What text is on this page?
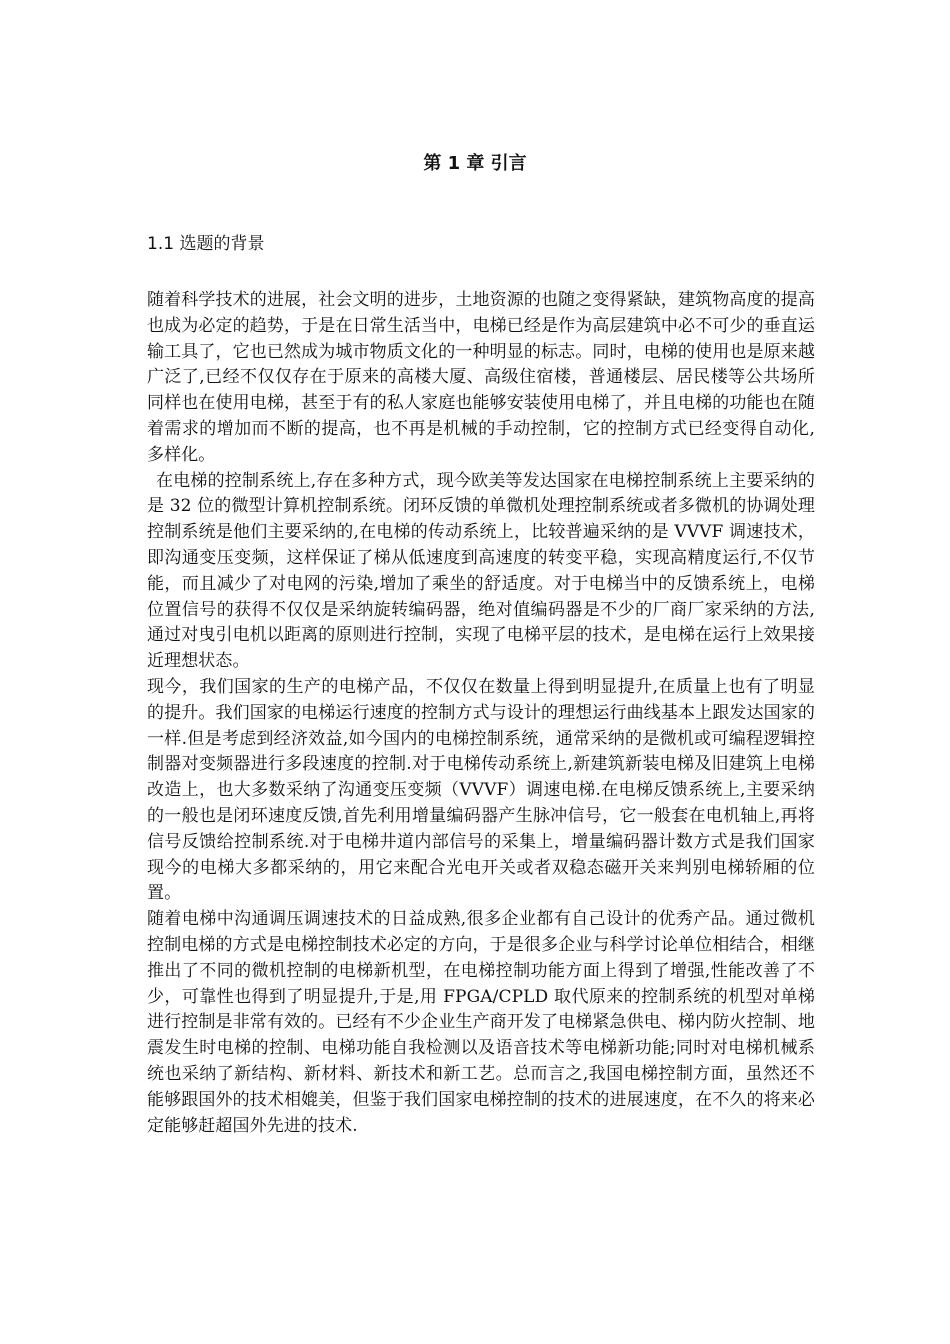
第 1 章 引言
1.1 选题的背景

随着科学技术的进展，社会文明的进步，土地资源的也随之变得紧缺，建筑物高度的提高也成为必定的趋势，于是在日常生活当中，电梯已经是作为高层建筑中必不可少的垂直运输工具了，它也已然成为城市物质文化的一种明显的标志。同时，电梯的使用也是原来越广泛了,已经不仅仅存在于原来的高楼大厦、高级住宿楼，普通楼层、居民楼等公共场所同样也在使用电梯，甚至于有的私人家庭也能够安装使用电梯了，并且电梯的功能也在随着需求的增加而不断的提高，也不再是机械的手动控制，它的控制方式已经变得自动化,多样化。

在电梯的控制系统上,存在多种方式，现今欧美等发达国家在电梯控制系统上主要采纳的是 32 位的微型计算机控制系统。闭环反馈的单微机处理控制系统或者多微机的协调处理控制系统是他们主要采纳的,在电梯的传动系统上，比较普遍采纳的是 VVVF 调速技术，即沟通变压变频，这样保证了梯从低速度到高速度的转变平稳，实现高精度运行,不仅节能，而且减少了对电网的污染,增加了乘坐的舒适度。对于电梯当中的反馈系统上，电梯位置信号的获得不仅仅是采纳旋转编码器，绝对值编码器是不少的厂商厂家采纳的方法,通过对曳引电机以距离的原则进行控制，实现了电梯平层的技术，是电梯在运行上效果接近理想状态。

现今，我们国家的生产的电梯产品，不仅仅在数量上得到明显提升,在质量上也有了明显的提升。我们国家的电梯运行速度的控制方式与设计的理想运行曲线基本上跟发达国家的一样.但是考虑到经济效益,如今国内的电梯控制系统，通常采纳的是微机或可编程逻辑控制器对变频器进行多段速度的控制.对于电梯传动系统上,新建筑新装电梯及旧建筑上电梯改造上，也大多数采纳了沟通变压变频（VVVF）调速电梯.在电梯反馈系统上,主要采纳的一般也是闭环速度反馈,首先利用增量编码器产生脉冲信号，它一般套在电机轴上,再将信号反馈给控制系统.对于电梯井道内部信号的采集上，增量编码器计数方式是我们国家现今的电梯大多都采纳的，用它来配合光电开关或者双稳态磁开关来判别电梯轿厢的位置。

随着电梯中沟通调压调速技术的日益成熟,很多企业都有自己设计的优秀产品。通过微机控制电梯的方式是电梯控制技术必定的方向，于是很多企业与科学讨论单位相结合，相继推出了不同的微机控制的电梯新机型，在电梯控制功能方面上得到了增强,性能改善了不少，可靠性也得到了明显提升,于是,用 FPGA/CPLD 取代原来的控制系统的机型对单梯进行控制是非常有效的。已经有不少企业生产商开发了电梯紧急供电、梯内防火控制、地震发生时电梯的控制、电梯功能自我检测以及语音技术等电梯新功能;同时对电梯机械系统也采纳了新结构、新材料、新技术和新工艺。总而言之,我国电梯控制方面，虽然还不能够跟国外的技术相媲美，但鉴于我们国家电梯控制的技术的进展速度，在不久的将来必定能够赶超国外先进的技术.
